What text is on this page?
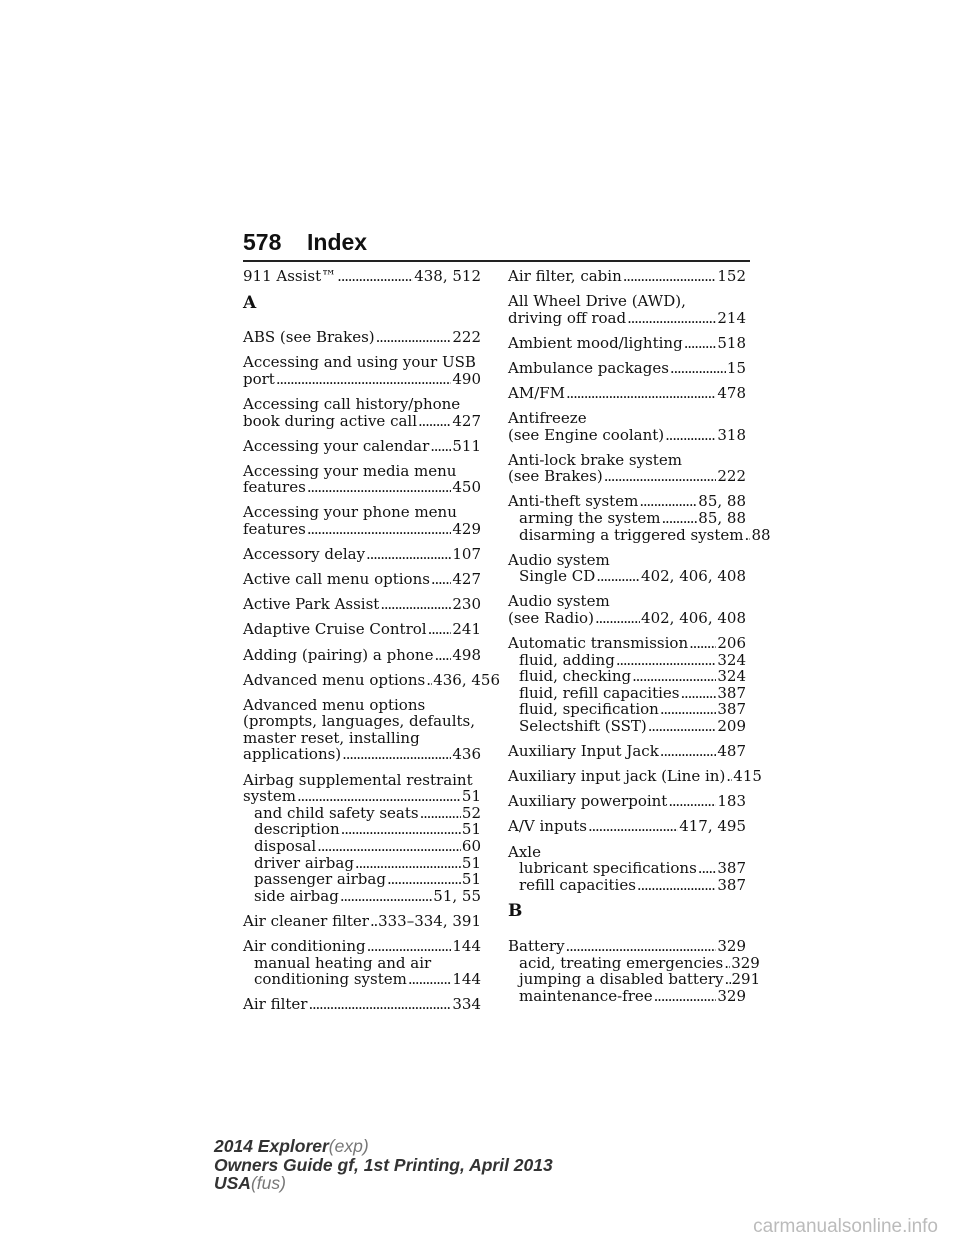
578 Index
911 Assist™ . . .	438, 512
A
ABS (see Brakes) . . .	222
Accessing and using your USB
port . . .	490
Accessing call history/phone
book during active call . . . 427
Accessing your calendar . . . 511
Accessing your media menu
features . . .	450
Accessing your phone menu
features . . .	429
Accessory delay . . .	107
Active call menu options . . . 427
Active Park Assist . . .	230
Adaptive Cruise Control . . . 241
Adding (pairing) a phone . . . 498
Advanced menu options . . . 436, 456
Advanced menu options
(prompts, languages, defaults,
master reset, installing
applications) . . .	436
Airbag supplemental restraint
system . . .	51
and child safety seats . . .	52
description . . .	51
disposal . . .	60
driver airbag . . .	51
passenger airbag . . .	51
side airbag . . .	51, 55
Air cleaner filter . . . 333–334, 391
Air conditioning . . .	144
manual heating and air
conditioning system . . .	144
Air filter . . .	334
Air filter, cabin . . .	152
All Wheel Drive (AWD),
driving off road . . .	214
Ambient mood/lighting . . . 518
Ambulance packages . . .	15
AM/FM . . .	478
Antifreeze
(see Engine coolant) . . .	318
Anti-lock brake system
(see Brakes) . . .	222
Anti-theft system . . .	85, 88
arming the system . . .	85, 88
disarming a triggered system . . . 88
Audio system
Single CD . . .	402, 406, 408
Audio system
(see Radio) . . .	402, 406, 408
Automatic transmission . . . 206
fluid, adding . . .	324
fluid, checking . . .	324
fluid, refill capacities . . .	387
fluid, specification . . .	387
Selectshift (SST) . . .	209
Auxiliary Input Jack . . .	487
Auxiliary input jack (Line in) . . . 415
Auxiliary powerpoint . . .	183
A/V inputs . . .	417, 495
Axle
lubricant specifications . . . 387
refill capacities . . .	387
B
Battery . . .	329
acid, treating emergencies . . . 329
jumping a disabled battery . . . 291
maintenance-free . . .	329
2014 Explorer(exp)
Owners Guide gf, 1st Printing, April 2013
USA(fus)
carmanualsonline.info
